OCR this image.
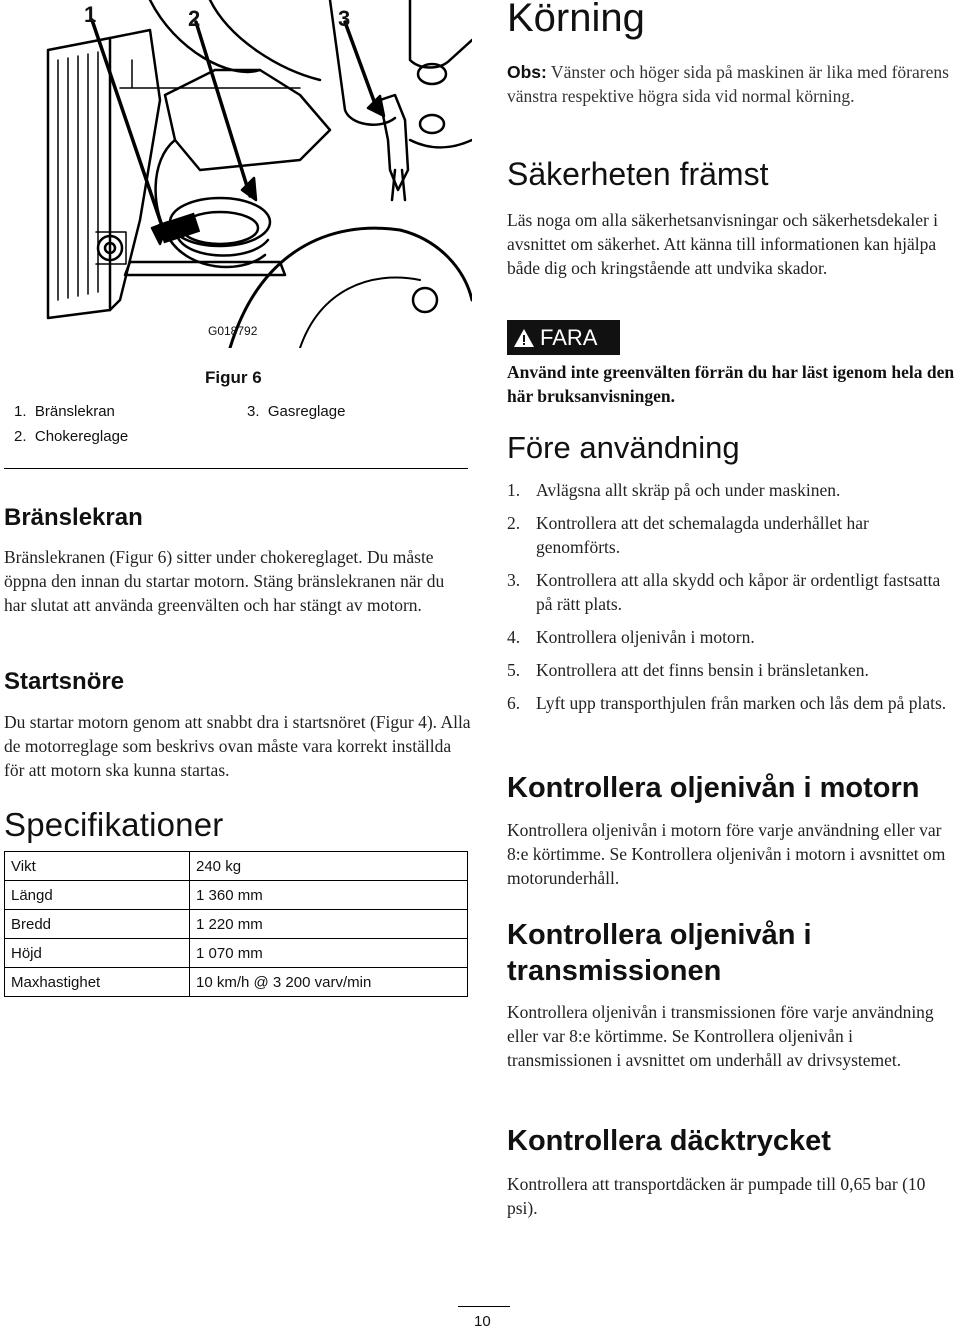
1	2	3
G018792
Figur 6
1. Bränslekran
2. Chokereglage
3. Gasreglage
Bränslekran

Bränslekranen (Figur 6) sitter under chokereglaget. Du måste öppna den innan du startar motorn. Stäng bränslekranen när du har slutat att använda greenvälten och har stängt av motorn.

Startsnöre

Du startar motorn genom att snabbt dra i startsnöret (Figur 4). Alla de motorreglage som beskrivs ovan måste vara korrekt inställda för att motorn ska kunna startas.

Specifikationer
Vikt	240 kg
Längd	1 360 mm
Bredd	1 220 mm
Höjd	1 070 mm
Maxhastighet	10 km/h @ 3 200 varv/min
Körning

Obs: Vänster och höger sida på maskinen är lika med förarens vänstra respektive högra sida vid normal körning.

Säkerheten främst

Läs noga om alla säkerhetsanvisningar och säkerhetsdekaler i avsnittet om säkerhet. Att känna till informationen kan hjälpa både dig och kringstående att undvika skador.

FARA

Använd inte greenvälten förrän du har läst igenom hela den här bruksanvisningen.

Före användning
1. Avlägsna allt skräp på och under maskinen.
2. Kontrollera att det schemalagda underhållet har genomförts.
3. Kontrollera att alla skydd och kåpor är ordentligt fastsatta på rätt plats.
4. Kontrollera oljenivån i motorn.
5. Kontrollera att det finns bensin i bränsletanken.
6. Lyft upp transporthjulen från marken och lås dem på plats.
Kontrollera oljenivån i motorn

Kontrollera oljenivån i motorn före varje användning eller var 8:e körtimme. Se Kontrollera oljenivån i motorn i avsnittet om motorunderhåll.

Kontrollera oljenivån i transmissionen

Kontrollera oljenivån i transmissionen före varje användning eller var 8:e körtimme. Se Kontrollera oljenivån i transmissionen i avsnittet om underhåll av drivsystemet.

Kontrollera däcktrycket

Kontrollera att transportdäcken är pumpade till 0,65 bar (10 psi).

10
